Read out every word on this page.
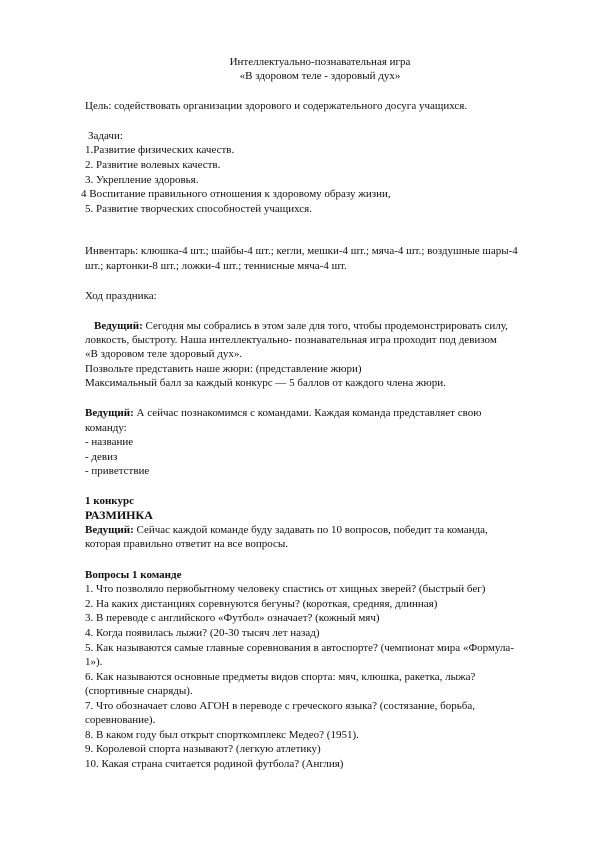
Интеллектуально-познавательная игра

«В здоровом теле - здоровый дух»

Цель: содействовать организации здорового и содержательного досуга учащихся.

Задачи:

1.Развитие физических качеств.

2. Развитие волевых качеств.

3. Укрепление здоровья.

4 Воспитание правильного отношения к здоровому образу жизни,

5. Развитие творческих способностей учащихся.

Инвентарь: клюшка-4 шт.; шайбы-4 шт.; кегли, мешки-4 шт.; мяча-4 шт.; воздушные шары-4

шт.; картонки-8 шт.; ложки-4 шт.; теннисные мяча-4 шт.

Ход праздника:

Ведущий: Сегодня мы собрались в этом зале для того, чтобы продемонстрировать силу,

ловкость, быстроту. Наша интеллектуально- познавательная игра проходит под девизом

«В здоровом теле здоровый дух».

Позвольте представить наше жюри: (представление жюри)

Максимальный балл за каждый конкурс — 5 баллов от каждого члена жюри.

Ведущий: А сейчас познакомимся с командами. Каждая команда представляет свою

команду:

- название

- девиз

- приветствие

1 конкурс

РАЗМИНКА

Ведущий: Сейчас каждой команде буду задавать по 10 вопросов, победит та команда,

которая правильно ответит на все вопросы.

Вопросы 1 команде

1. Что позволяло первобытному человеку спастись от хищных зверей? (быстрый бег)

2. На каких дистанциях соревнуются бегуны? (короткая, средняя, длинная)

3. В переводе с английского «Футбол» означает? (кожный мяч)

4. Когда появилась лыжи? (20-30 тысяч лет назад)

5. Как называются самые главные соревнования в автоспорте? (чемпионат мира «Формула-

1»).

6. Как называются основные предметы видов спорта: мяч, клюшка, ракетка, лыжа?

(спортивные снаряды).

7. Что обозначает слово АГОН в переводе с греческого языка? (состязание, борьба,

соревнование).

8. В каком году был открыт спорткомплекс Медео? (1951).

9. Королевой спорта называют? (легкую атлетику)

10. Какая страна считается родиной футбола? (Англия)
